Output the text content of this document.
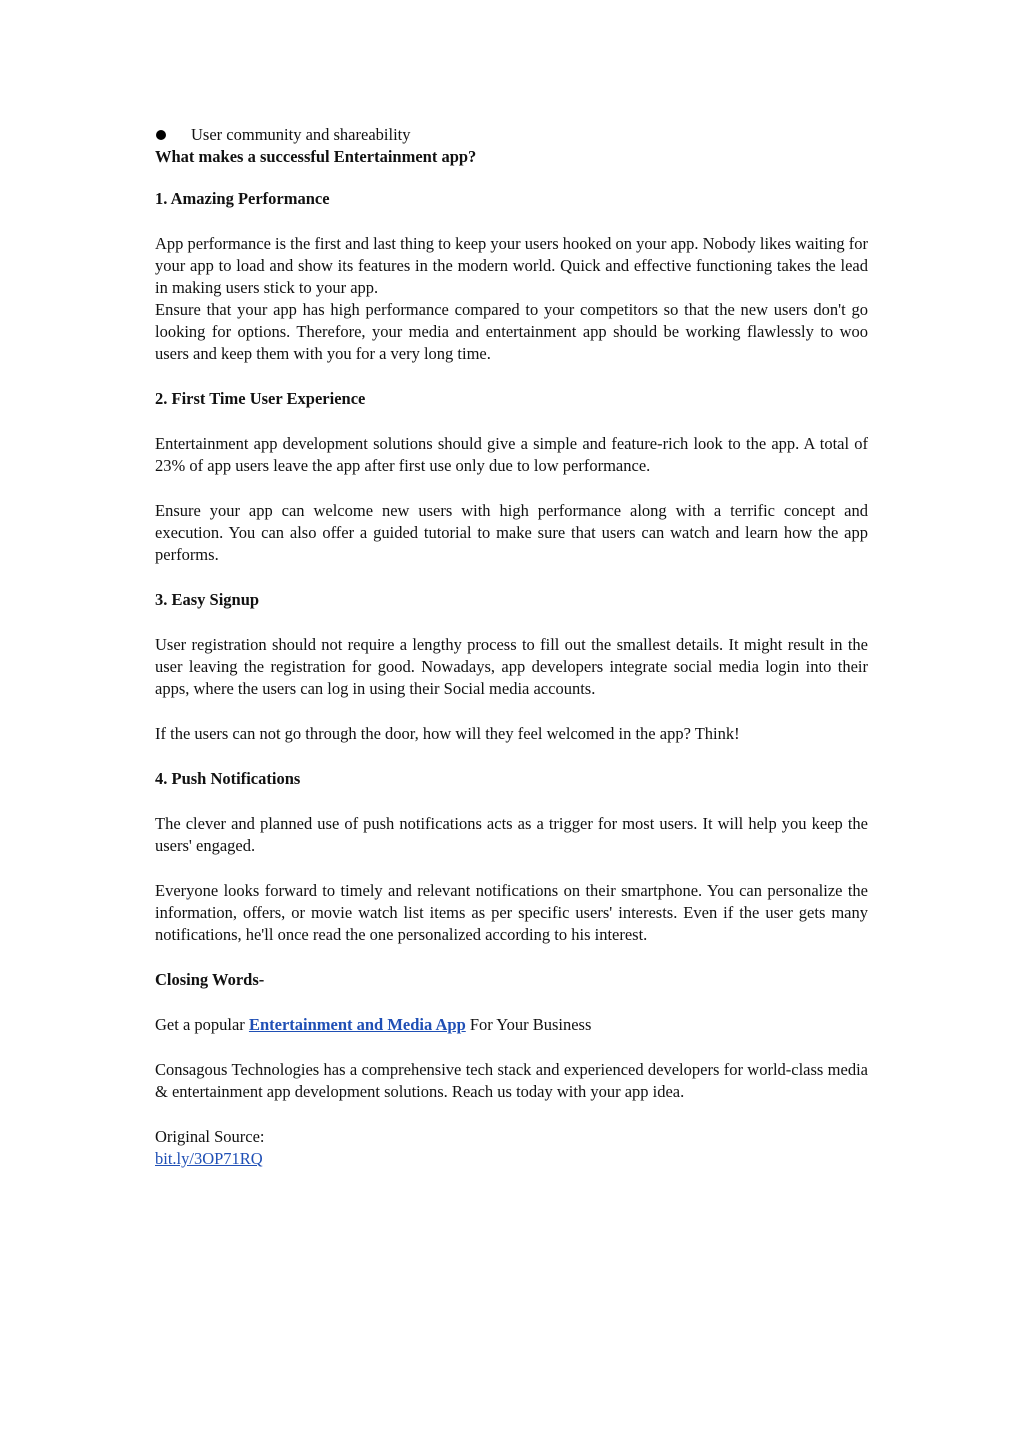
User community and shareability

What makes a successful Entertainment app?

1. Amazing Performance

App performance is the first and last thing to keep your users hooked on your app. Nobody likes waiting for your app to load and show its features in the modern world. Quick and effective functioning takes the lead in making users stick to your app.

Ensure that your app has high performance compared to your competitors so that the new users don't go looking for options. Therefore, your media and entertainment app should be working flawlessly to woo users and keep them with you for a very long time.

2. First Time User Experience

Entertainment app development solutions should give a simple and feature-rich look to the app. A total of 23% of app users leave the app after first use only due to low performance.

Ensure your app can welcome new users with high performance along with a terrific concept and execution. You can also offer a guided tutorial to make sure that users can watch and learn how the app performs.

3. Easy Signup

User registration should not require a lengthy process to fill out the smallest details. It might result in the user leaving the registration for good. Nowadays, app developers integrate social media login into their apps, where the users can log in using their Social media accounts.

If the users can not go through the door, how will they feel welcomed in the app? Think!

4. Push Notifications

The clever and planned use of push notifications acts as a trigger for most users. It will help you keep the users' engaged.

Everyone looks forward to timely and relevant notifications on their smartphone. You can personalize the information, offers, or movie watch list items as per specific users' interests. Even if the user gets many notifications, he'll once read the one personalized according to his interest.

Closing Words-

Get a popular Entertainment and Media App For Your Business

Consagous Technologies has a comprehensive tech stack and experienced developers for world-class media & entertainment app development solutions. Reach us today with your app idea.

Original Source:

bit.ly/3OP71RQ
